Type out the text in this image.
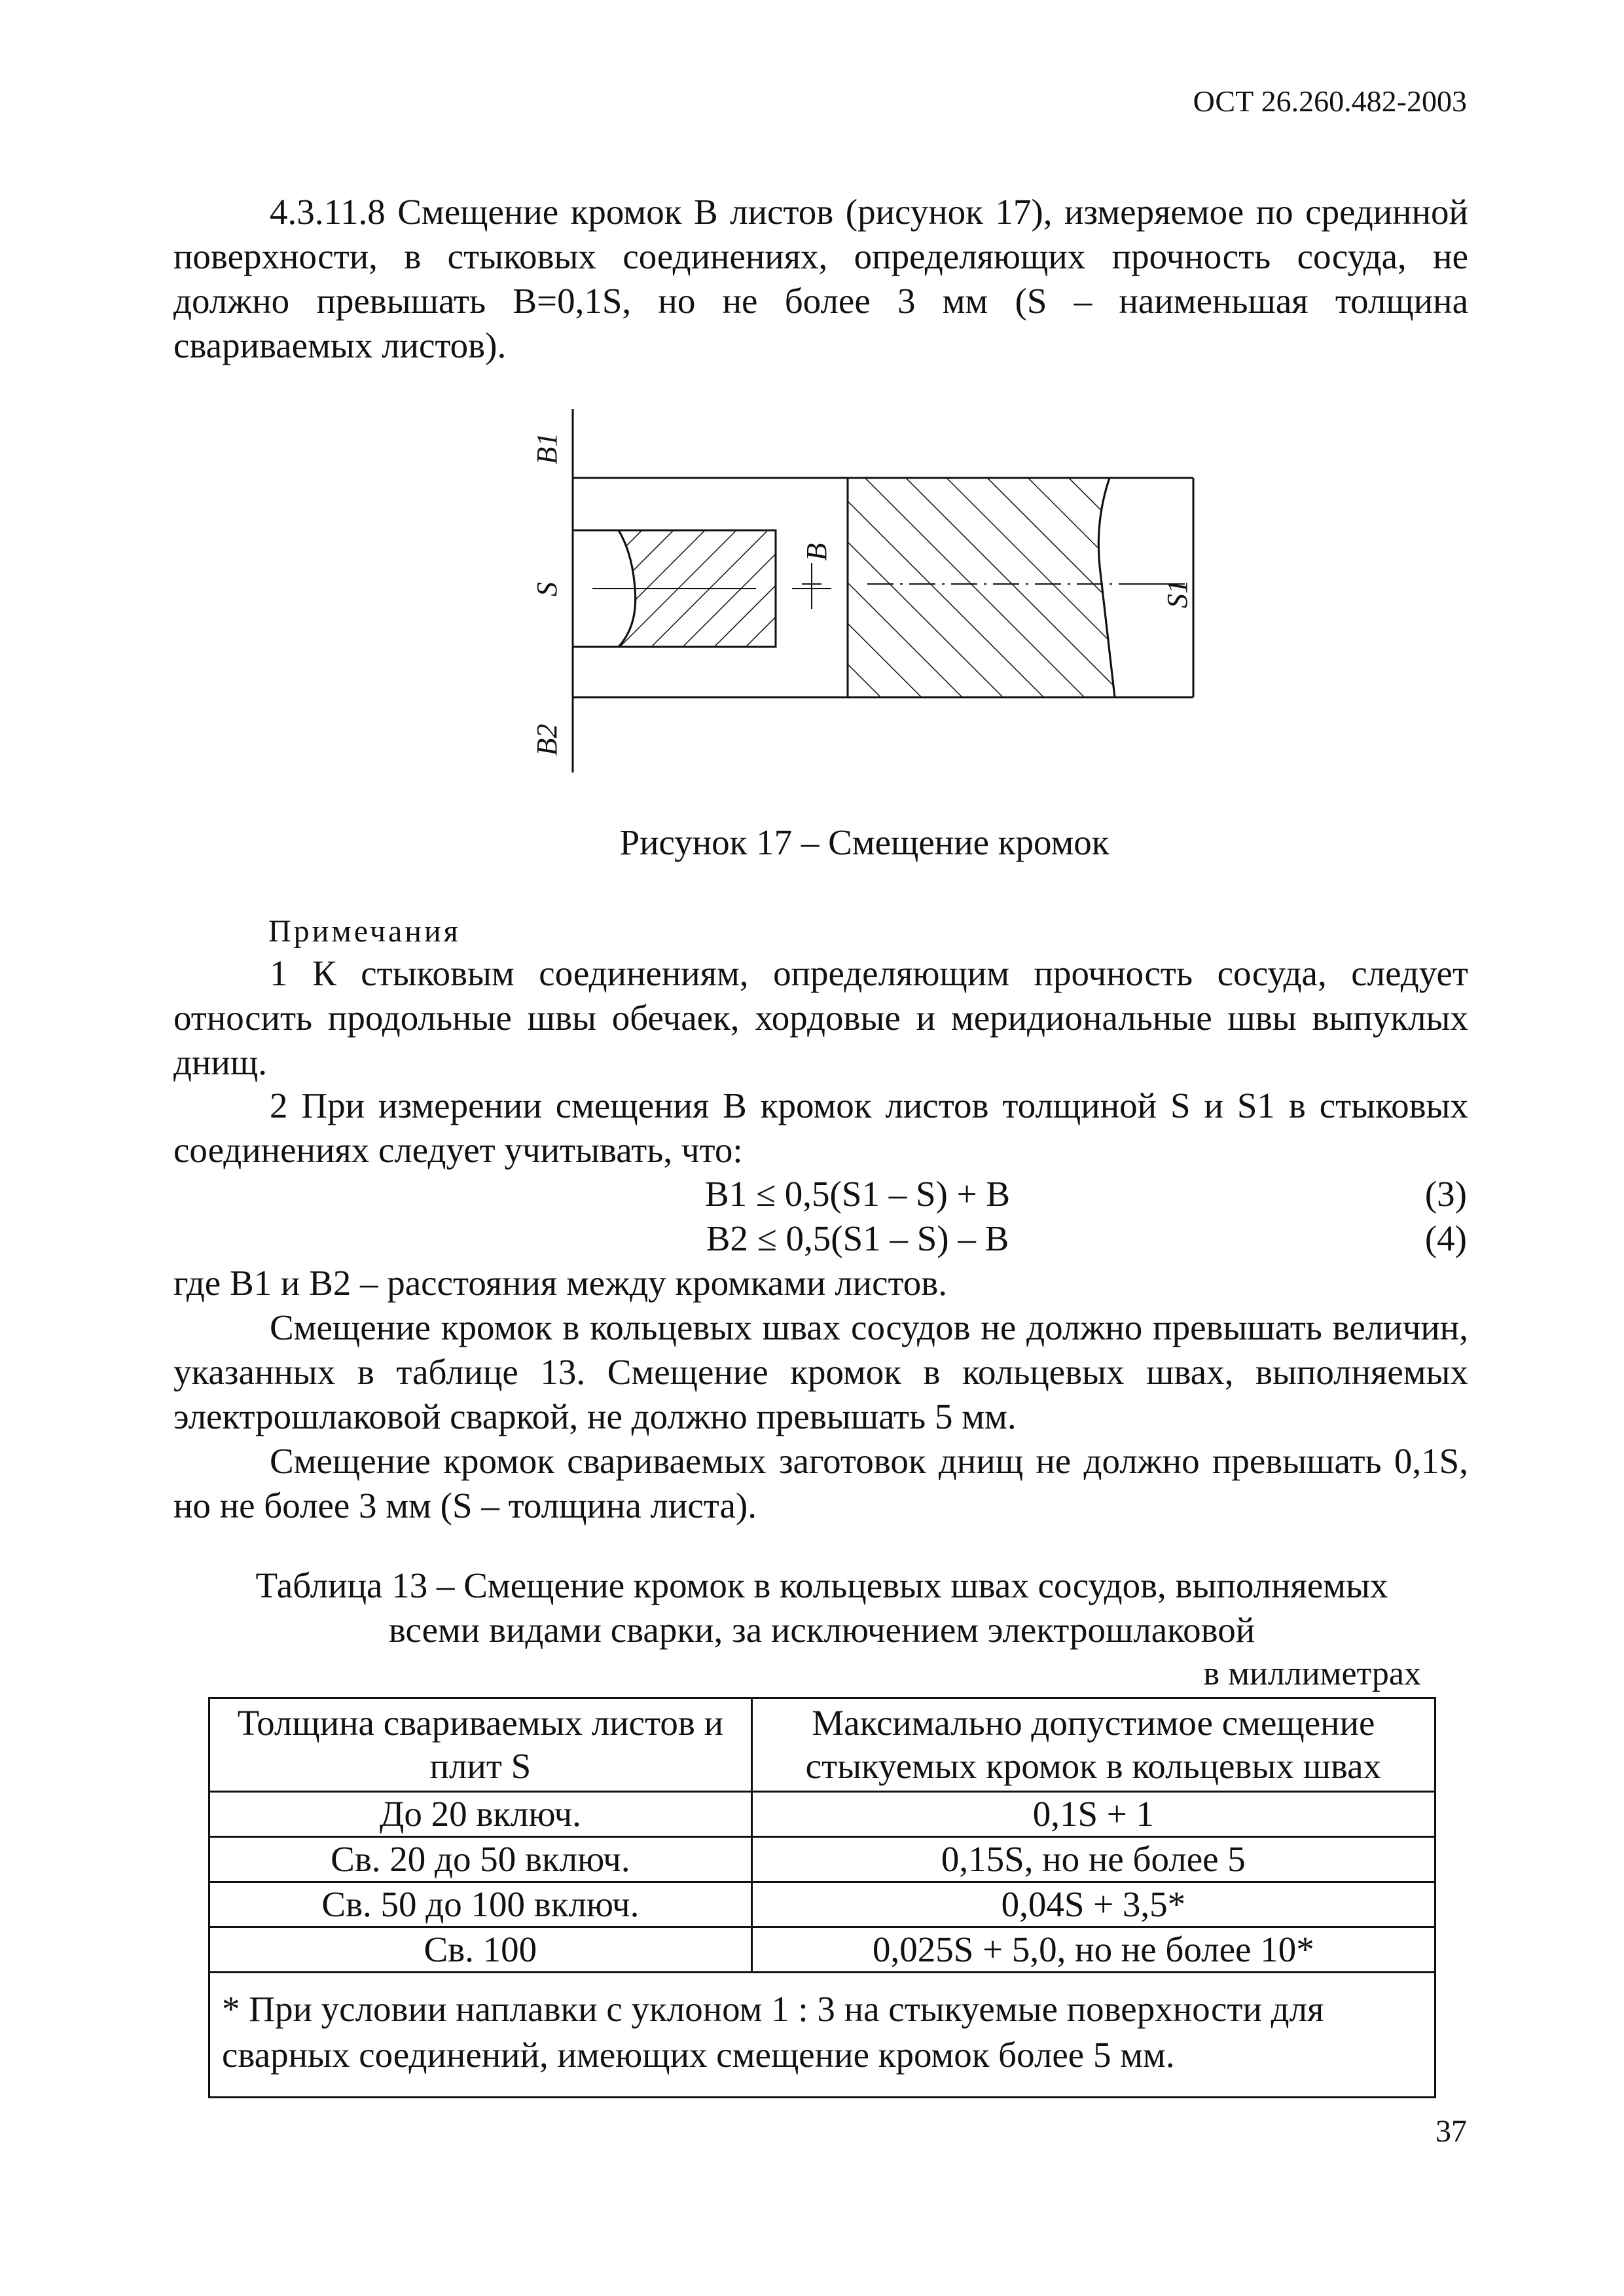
ОСТ 26.260.482-2003
4.3.11.8 Смещение кромок B листов (рисунок 17), измеряемое по срединной поверхности, в стыковых соединениях, определяющих прочность сосуда, не должно превышать B=0,1S, но не более 3 мм (S – наименьшая толщина свариваемых листов).
B1
S
B2
B
S1
Рисунок 17 – Смещение кромок
Примечания
1 К стыковым соединениям, определяющим прочность сосуда, следует относить продольные швы обечаек, хордовые и меридиональные швы выпуклых днищ.
2 При измерении смещения B кромок листов толщиной S и S1 в стыковых соединениях следует учитывать, что:
B1 ≤ 0,5(S1 – S) + B	(3)
B2 ≤ 0,5(S1 – S) – B	(4)
где B1 и B2 – расстояния между кромками листов.
Смещение кромок в кольцевых швах сосудов не должно превышать величин, указанных в таблице 13. Смещение кромок в кольцевых швах, выполняемых электрошлаковой сваркой, не должно превышать 5 мм.
Смещение кромок свариваемых заготовок днищ не должно превышать 0,1S, но не более 3 мм (S – толщина листа).
Таблица 13 – Смещение кромок в кольцевых швах сосудов, выполняемых
всеми видами сварки, за исключением электрошлаковой
в миллиметрах
Толщина свариваемых листов и плит S	Максимально допустимое смещение стыкуемых кромок в кольцевых швах
До 20 включ.	0,1S + 1
Св. 20 до 50 включ.	0,15S, но не более 5
Св. 50 до 100 включ.	0,04S + 3,5*
Св. 100	0,025S + 5,0, но не более 10*
* При условии наплавки с уклоном 1 : 3 на стыкуемые поверхности для сварных соединений, имеющих смещение кромок более 5 мм.	
37
